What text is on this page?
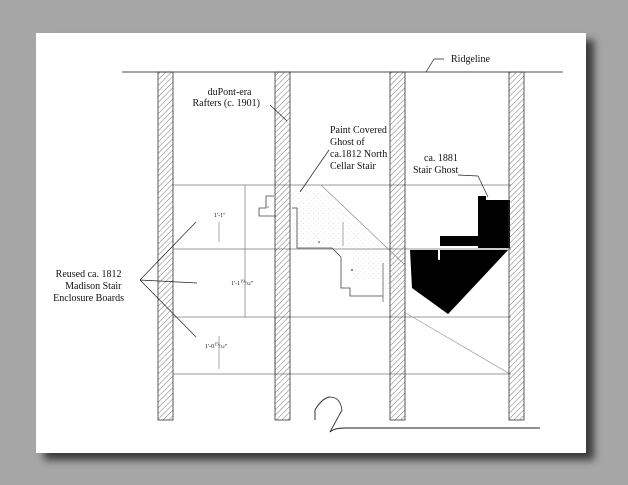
Ridgeline
duPont-era Rafters (c. 1901)
Paint Covered Ghost of ca.1812 North Cellar Stair
ca. 1881 Stair Ghost
Reused ca. 1812 Madison Stair Enclosure Boards
1'-1"
$1'-1^{19}/32$"
$1'-0^{15}/32$"
